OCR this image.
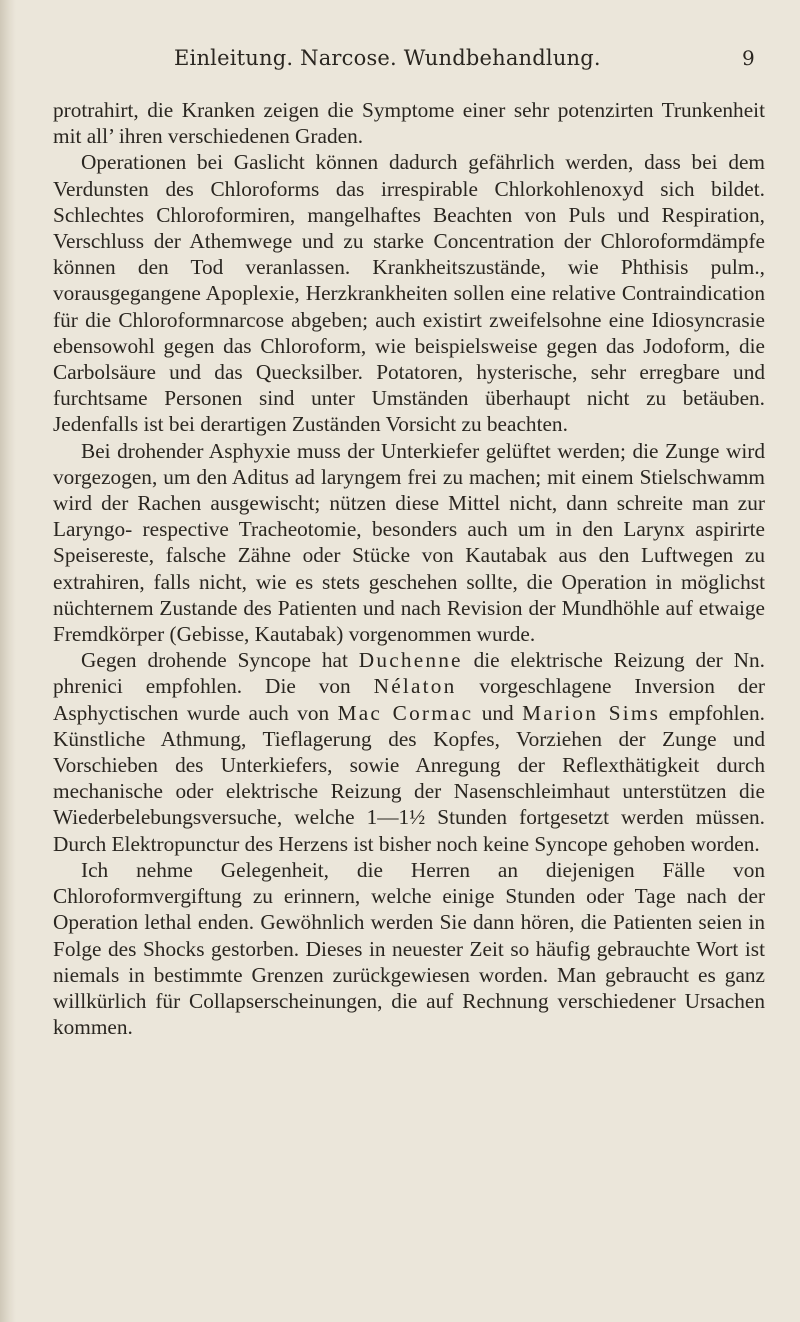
Einleitung. Narcose. Wundbehandlung.	9

protrahirt, die Kranken zeigen die Symptome einer sehr potenzirten Trunkenheit mit all’ ihren verschiedenen Graden.

Operationen bei Gaslicht können dadurch gefährlich werden, dass bei dem Verdunsten des Chloroforms das irrespirable Chlorkohlenoxyd sich bildet. Schlechtes Chloroformiren, mangelhaftes Beachten von Puls und Respiration, Verschluss der Athemwege und zu starke Concentration der Chloroformdämpfe können den Tod veranlassen. Krankheitszustände, wie Phthisis pulm., vorausgegangene Apoplexie, Herzkrankheiten sollen eine relative Contraindication für die Chloroformnarcose abgeben; auch existirt zweifelsohne eine Idiosyncrasie ebensowohl gegen das Chloroform, wie beispielsweise gegen das Jodoform, die Carbolsäure und das Quecksilber. Potatoren, hysterische, sehr erregbare und furchtsame Personen sind unter Umständen überhaupt nicht zu betäuben. Jedenfalls ist bei derartigen Zuständen Vorsicht zu beachten.

Bei drohender Asphyxie muss der Unterkiefer gelüftet werden; die Zunge wird vorgezogen, um den Aditus ad laryngem frei zu machen; mit einem Stielschwamm wird der Rachen ausgewischt; nützen diese Mittel nicht, dann schreite man zur Laryngo- respective Tracheotomie, besonders auch um in den Larynx aspirirte Speisereste, falsche Zähne oder Stücke von Kautabak aus den Luftwegen zu extrahiren, falls nicht, wie es stets geschehen sollte, die Operation in möglichst nüchternem Zustande des Patienten und nach Revision der Mundhöhle auf etwaige Fremdkörper (Gebisse, Kautabak) vorgenommen wurde.

Gegen drohende Syncope hat Duchenne die elektrische Reizung der Nn. phrenici empfohlen. Die von Nélaton vorgeschlagene Inversion der Asphyctischen wurde auch von Mac Cormac und Marion Sims empfohlen. Künstliche Athmung, Tieflagerung des Kopfes, Vorziehen der Zunge und Vorschieben des Unterkiefers, sowie Anregung der Reflexthätigkeit durch mechanische oder elektrische Reizung der Nasenschleimhaut unterstützen die Wiederbelebungsversuche, welche 1—1½ Stunden fortgesetzt werden müssen. Durch Elektropunctur des Herzens ist bisher noch keine Syncope gehoben worden.

Ich nehme Gelegenheit, die Herren an diejenigen Fälle von Chloroformvergiftung zu erinnern, welche einige Stunden oder Tage nach der Operation lethal enden. Gewöhnlich werden Sie dann hören, die Patienten seien in Folge des Shocks gestorben. Dieses in neuester Zeit so häufig gebrauchte Wort ist niemals in bestimmte Grenzen zurückgewiesen worden. Man gebraucht es ganz willkürlich für Collapserscheinungen, die auf Rechnung verschiedener Ursachen kommen.
